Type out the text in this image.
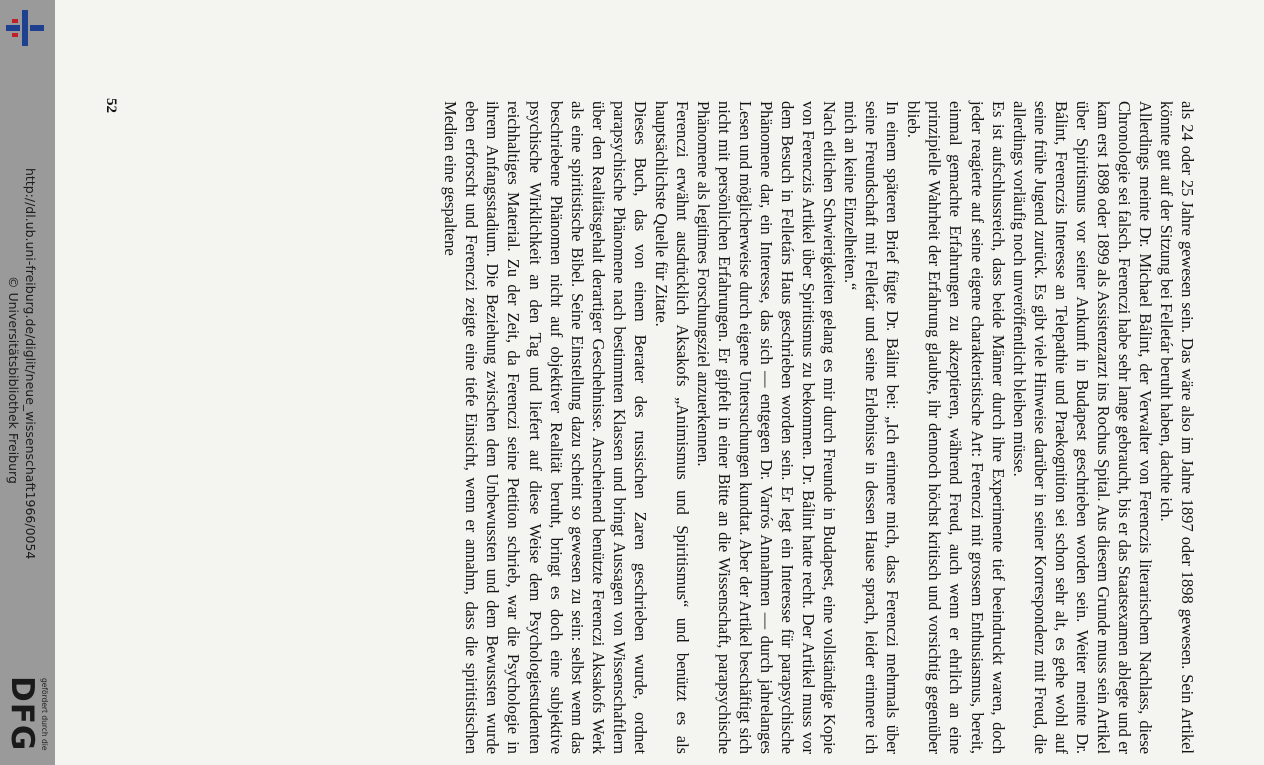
http://dl.ub.uni-freiburg.de/diglit/neue_wissenschaft1966/0054
© Universitätsbibliothek Freiburg
gefördert durch die
DFG
52	als 24 oder 25 Jahre gewesen sein. Das wäre also im Jahre 1897 oder 1898 gewesen. Sein Artikel könnte gut auf der Sitzung bei Felletár beruht haben, dachte ich.

Allerdings meinte Dr. Michael Bálint, der Verwalter von Ferenczis literarischem Nachlass, diese Chronologie sei falsch. Ferenczi habe sehr lange gebraucht, bis er das Staatsexamen ablegte und er kam erst 1898 oder 1899 als Assistenzarzt ins Rochus Spital. Aus diesem Grunde muss sein Artikel über Spiritismus vor seiner Ankunft in Budapest geschrieben worden sein. Weiter meinte Dr. Bálint, Ferenczis Interesse an Telepathie und Praekognition sei schon sehr alt, es gehe wohl auf seine frühe Jugend zurück. Es gibt viele Hinweise darüber in seiner Korrespondenz mit Freud, die allerdings vorläufig noch unveröffentlicht bleiben müsse.

Es ist aufschlussreich, dass beide Männer durch ihre Experimente tief beeindruckt waren, doch jeder reagierte auf seine eigene charakteristische Art: Ferenczi mit grossem Enthusiasmus, bereit, einmal gemachte Erfahrungen zu akzeptieren, während Freud, auch wenn er ehrlich an eine prinzipielle Wahrheit der Erfahrung glaubte, ihr dennoch höchst kritisch und vorsichtig gegenüber blieb.

In einem späteren Brief fügte Dr. Bálint bei: „Ich erinnere mich, dass Ferenczi mehrmals über seine Freundschaft mit Felletár und seine Erlebnisse in dessen Hause sprach, leider erinnere ich mich an keine Einzelheiten.“

Nach etlichen Schwierigkeiten gelang es mir durch Freunde in Budapest, eine vollständige Kopie von Ferenczis Artikel über Spiritismus zu bekommen. Dr. Bálint hatte recht. Der Artikel muss vor dem Besuch in Felletárs Haus geschrieben worden sein. Er legt ein Interesse für parapsychische Phänomene dar, ein Interesse, das sich — entgegen Dr. Varrós Annahmen — durch jahrelanges Lesen und möglicherweise durch eigene Untersuchungen kundtat. Aber der Artikel beschäftigt sich nicht mit persönlichen Erfahrungen. Er gipfelt in einer Bitte an die Wissenschaft, parapsychische Phänomene als legitimes Forschungsziel anzuerkennen.

Ferenczi erwähnt ausdrücklich Aksakofs „Animismus und Spiritismus“ und benützt es als hauptsächlichste Quelle für Zitate.

Dieses Buch, das von einem Berater des russischen Zaren geschrieben wurde, ordnet parapsychische Phänomene nach bestimmten Klassen und bringt Aussagen von Wissenschaftlern über den Realitätsgehalt derartiger Geschehnisse. Anscheinend benützte Ferenczi Aksakofs Werk als eine spiritistische Bibel. Seine Einstellung dazu scheint so gewesen zu sein: selbst wenn das beschriebene Phänomen nicht auf objektiver Realität beruht, bringt es doch eine subjektive psychische Wirklichkeit an den Tag und liefert auf diese Weise dem Psychologiestudenten reichhaltiges Material. Zu der Zeit, da Ferenczi seine Petition schrieb, war die Psychologie in ihrem Anfangsstadium. Die Beziehung zwischen dem Unbewussten und dem Bewussten wurde eben erforscht und Ferenczi zeigte eine tiefe Einsicht, wenn er annahm, dass die spiritistischen Medien eine gespaltene
